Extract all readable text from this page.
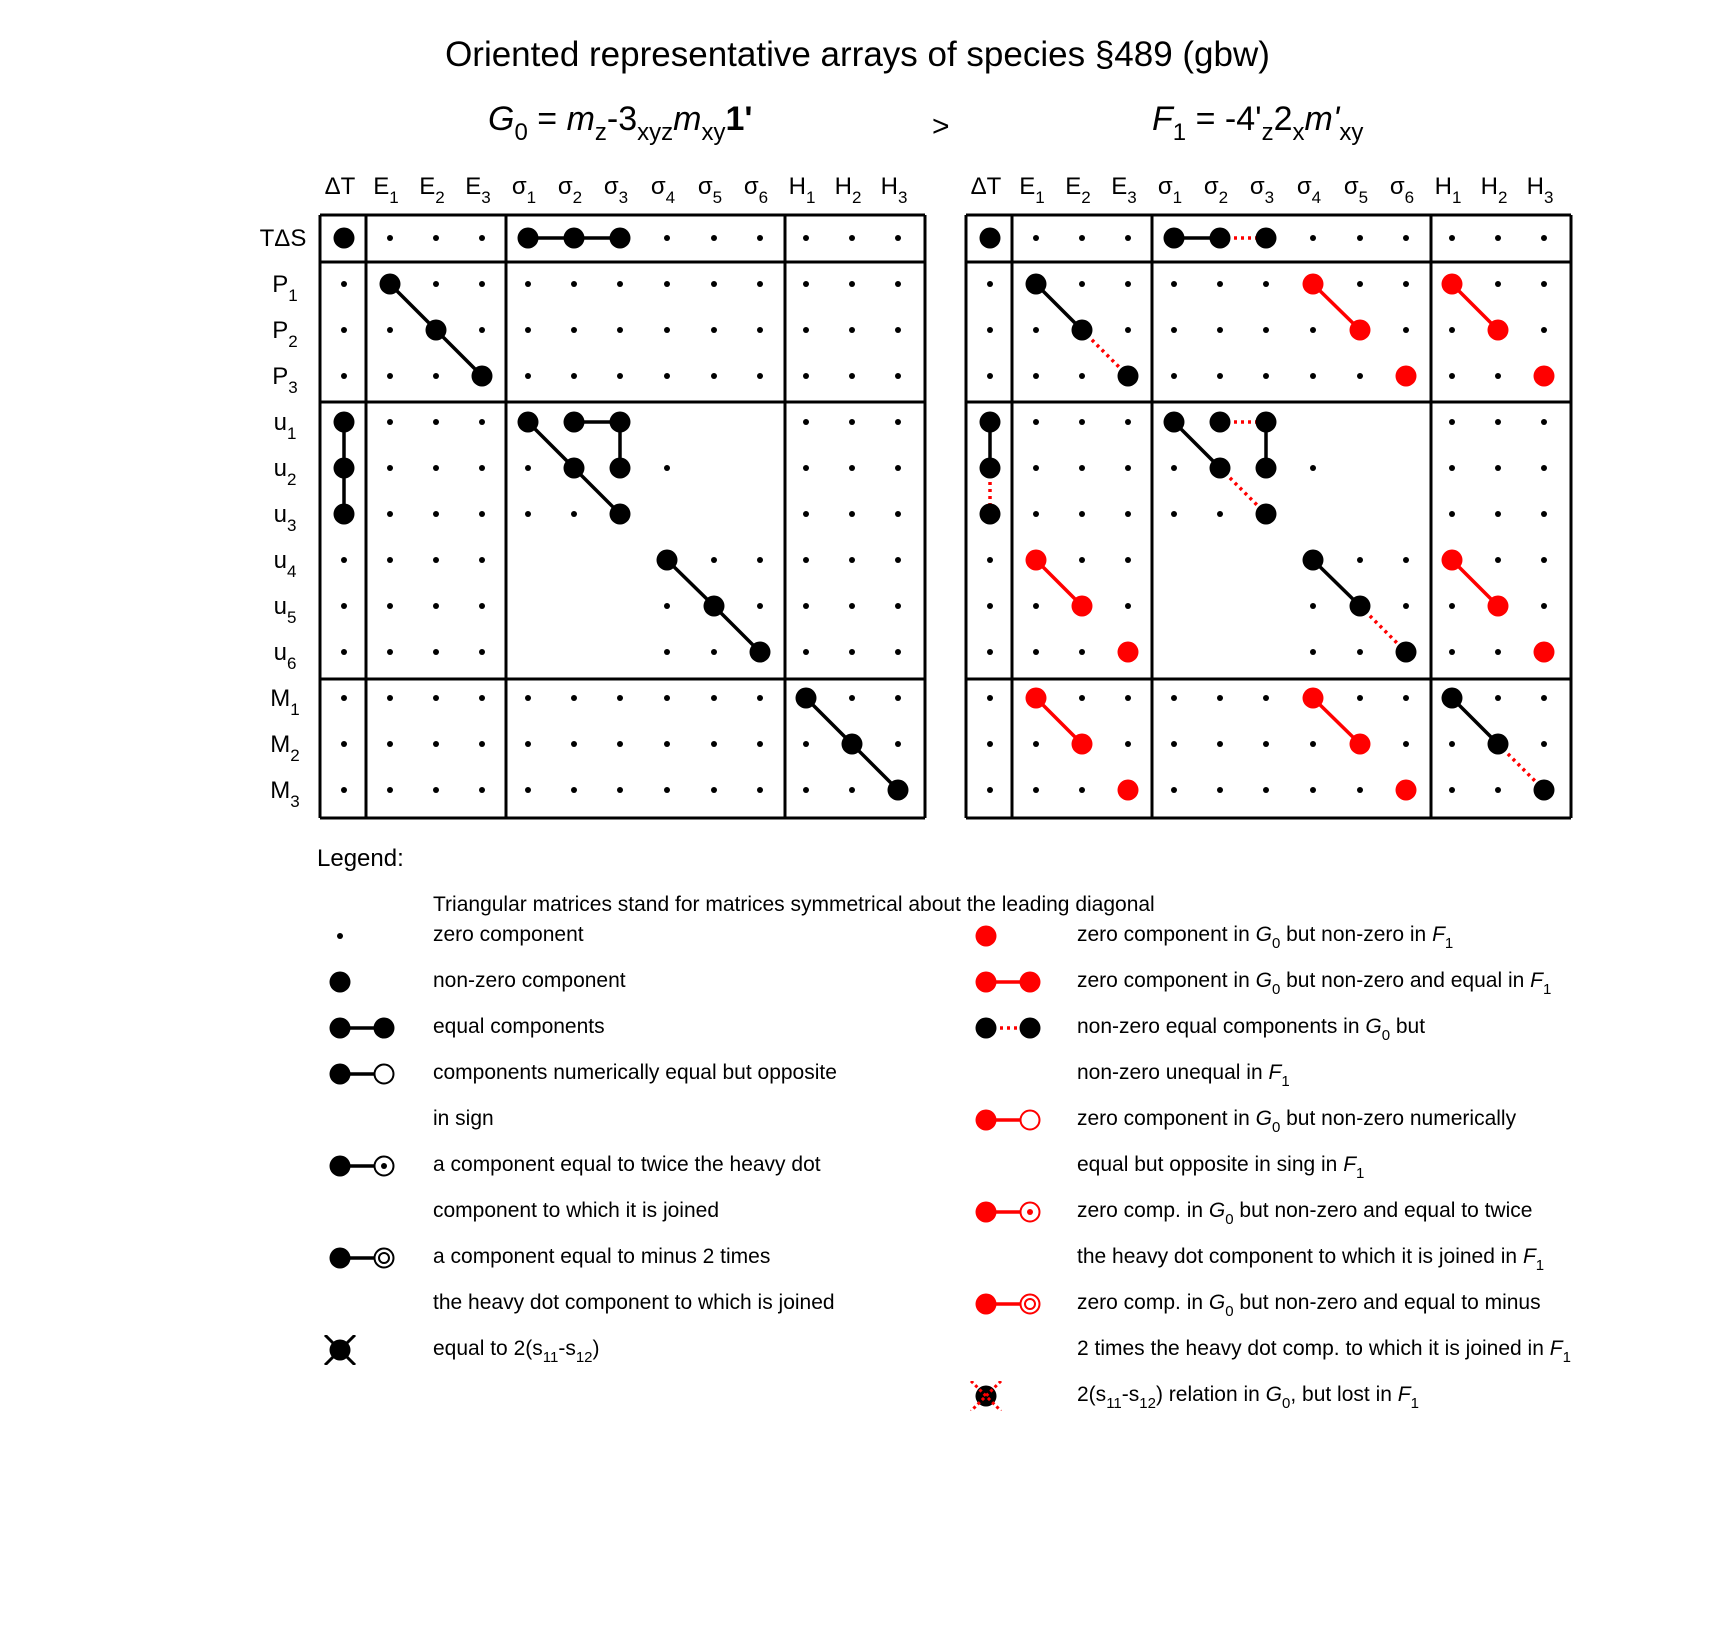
Oriented representative arrays of species §489 (gbw)
$G_0 = m_z-3_{xyz}m_{xy}1'$	>	$F_1 = -4'_z2_xm'_{xy}$
ΔT $E_1$ $E_2$ $E_3$ $\sigma_1$ $\sigma_2$ $\sigma_3$ $\sigma_4$ $\sigma_5$ $\sigma_6$ $H_1$ $H_2$ $H_3$
TΔS
$P_1$
$P_2$
$P_3$
$u_1$
$u_2$
$u_3$
$u_4$
$u_5$
$u_6$
$M_1$
$M_2$
$M_3$
ΔT $E_1$ $E_2$ $E_3$ $\sigma_1$ $\sigma_2$ $\sigma_3$ $\sigma_4$ $\sigma_5$ $\sigma_6$ $H_1$ $H_2$ $H_3$
Legend:
Triangular matrices stand for matrices symmetrical about the leading diagonal
zero component
non-zero component
equal components
components numerically equal but opposite
in sign
a component equal to twice the heavy dot
component to which it is joined
a component equal to minus 2 times
the heavy dot component to which is joined
equal to $2(s_{11}-s_{12})$
zero component in $G_0$ but non-zero in $F_1$
zero component in $G_0$ but non-zero and equal in $F_1$
non-zero equal components in $G_0$ but
non-zero unequal in $F_1$
zero component in $G_0$ but non-zero numerically
equal but opposite in sing in $F_1$
zero comp. in $G_0$ but non-zero and equal to twice
the heavy dot component to which it is joined in $F_1$
zero comp. in $G_0$ but non-zero and equal to minus
2 times the heavy dot comp. to which it is joined in $F_1$
$2(s_{11}-s_{12})$ relation in $G_0$, but lost in $F_1$
